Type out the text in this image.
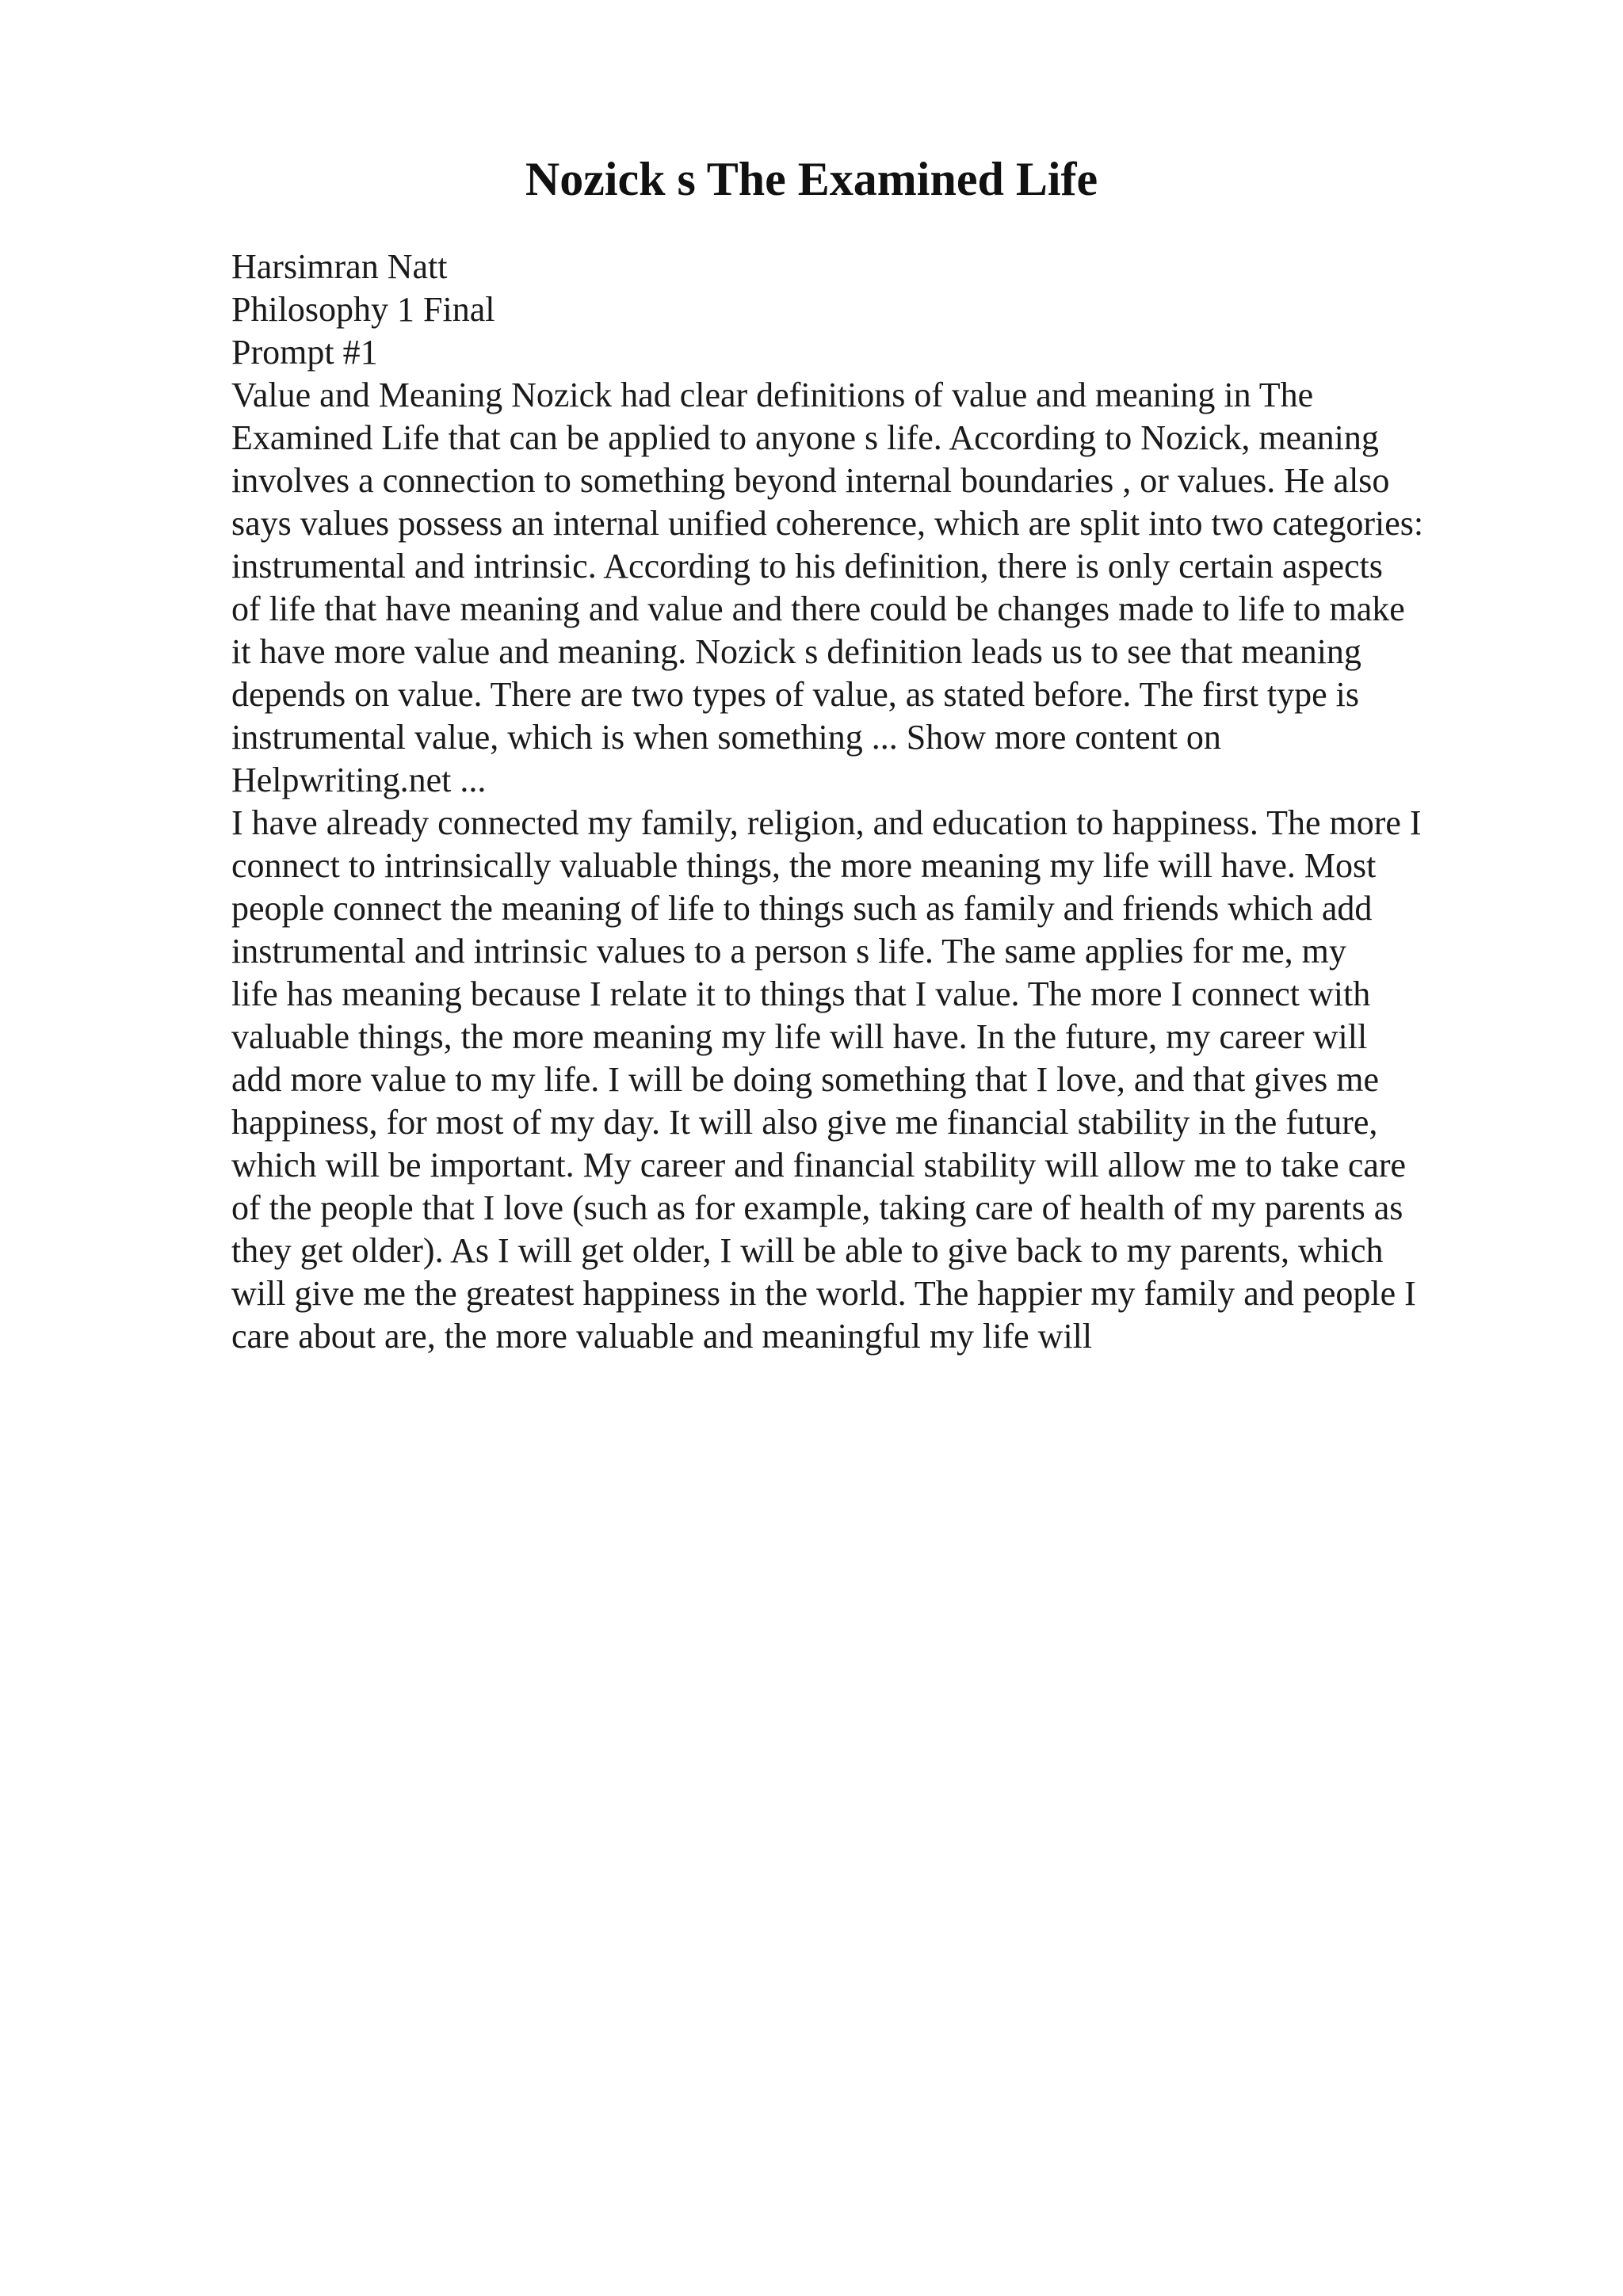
Nozick s The Examined Life
Harsimran Natt
Philosophy 1 Final
Prompt #1
Value and Meaning Nozick had clear definitions of value and meaning in The
Examined Life that can be applied to anyone s life. According to Nozick, meaning
involves a connection to something beyond internal boundaries , or values. He also
says values possess an internal unified coherence, which are split into two categories:
instrumental and intrinsic. According to his definition, there is only certain aspects
of life that have meaning and value and there could be changes made to life to make
it have more value and meaning. Nozick s definition leads us to see that meaning
depends on value. There are two types of value, as stated before. The first type is
instrumental value, which is when something ... Show more content on
Helpwriting.net ...
I have already connected my family, religion, and education to happiness. The more I
connect to intrinsically valuable things, the more meaning my life will have. Most
people connect the meaning of life to things such as family and friends which add
instrumental and intrinsic values to a person s life. The same applies for me, my
life has meaning because I relate it to things that I value. The more I connect with
valuable things, the more meaning my life will have. In the future, my career will
add more value to my life. I will be doing something that I love, and that gives me
happiness, for most of my day. It will also give me financial stability in the future,
which will be important. My career and financial stability will allow me to take care
of the people that I love (such as for example, taking care of health of my parents as
they get older). As I will get older, I will be able to give back to my parents, which
will give me the greatest happiness in the world. The happier my family and people I
care about are, the more valuable and meaningful my life will
